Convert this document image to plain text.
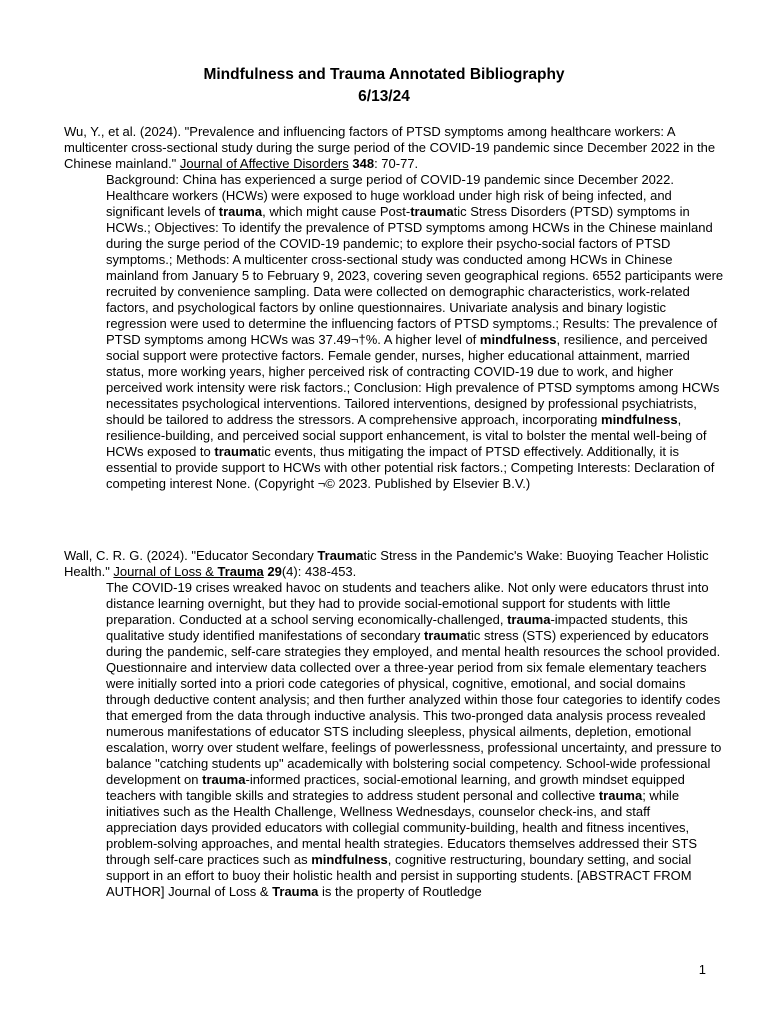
Mindfulness and Trauma Annotated Bibliography
6/13/24

Wu, Y., et al. (2024). "Prevalence and influencing factors of PTSD symptoms among healthcare workers: A multicenter cross-sectional study during the surge period of the COVID-19 pandemic since December 2022 in the Chinese mainland." Journal of Affective Disorders 348: 70-77.

Background: China has experienced a surge period of COVID-19 pandemic since December 2022. Healthcare workers (HCWs) were exposed to huge workload under high risk of being infected, and significant levels of trauma, which might cause Post-traumatic Stress Disorders (PTSD) symptoms in HCWs.; Objectives: To identify the prevalence of PTSD symptoms among HCWs in the Chinese mainland during the surge period of the COVID-19 pandemic; to explore their psycho-social factors of PTSD symptoms.; Methods: A multicenter cross-sectional study was conducted among HCWs in Chinese mainland from January 5 to February 9, 2023, covering seven geographical regions. 6552 participants were recruited by convenience sampling. Data were collected on demographic characteristics, work-related factors, and psychological factors by online questionnaires. Univariate analysis and binary logistic regression were used to determine the influencing factors of PTSD symptoms.; Results: The prevalence of PTSD symptoms among HCWs was 37.49¬†%. A higher level of mindfulness, resilience, and perceived social support were protective factors. Female gender, nurses, higher educational attainment, married status, more working years, higher perceived risk of contracting COVID-19 due to work, and higher perceived work intensity were risk factors.; Conclusion: High prevalence of PTSD symptoms among HCWs necessitates psychological interventions. Tailored interventions, designed by professional psychiatrists, should be tailored to address the stressors. A comprehensive approach, incorporating mindfulness, resilience-building, and perceived social support enhancement, is vital to bolster the mental well-being of HCWs exposed to traumatic events, thus mitigating the impact of PTSD effectively. Additionally, it is essential to provide support to HCWs with other potential risk factors.; Competing Interests: Declaration of competing interest None. (Copyright ¬© 2023. Published by Elsevier B.V.)

Wall, C. R. G. (2024). "Educator Secondary Traumatic Stress in the Pandemic's Wake: Buoying Teacher Holistic Health." Journal of Loss & Trauma 29(4): 438-453.

The COVID-19 crises wreaked havoc on students and teachers alike. Not only were educators thrust into distance learning overnight, but they had to provide social-emotional support for students with little preparation. Conducted at a school serving economically-challenged, trauma-impacted students, this qualitative study identified manifestations of secondary traumatic stress (STS) experienced by educators during the pandemic, self-care strategies they employed, and mental health resources the school provided. Questionnaire and interview data collected over a three-year period from six female elementary teachers were initially sorted into a priori code categories of physical, cognitive, emotional, and social domains through deductive content analysis; and then further analyzed within those four categories to identify codes that emerged from the data through inductive analysis. This two-pronged data analysis process revealed numerous manifestations of educator STS including sleepless, physical ailments, depletion, emotional escalation, worry over student welfare, feelings of powerlessness, professional uncertainty, and pressure to balance "catching students up" academically with bolstering social competency. School-wide professional development on trauma-informed practices, social-emotional learning, and growth mindset equipped teachers with tangible skills and strategies to address student personal and collective trauma; while initiatives such as the Health Challenge, Wellness Wednesdays, counselor check-ins, and staff appreciation days provided educators with collegial community-building, health and fitness incentives, problem-solving approaches, and mental health strategies. Educators themselves addressed their STS through self-care practices such as mindfulness, cognitive restructuring, boundary setting, and social support in an effort to buoy their holistic health and persist in supporting students. [ABSTRACT FROM AUTHOR] Journal of Loss & Trauma is the property of Routledge

1
